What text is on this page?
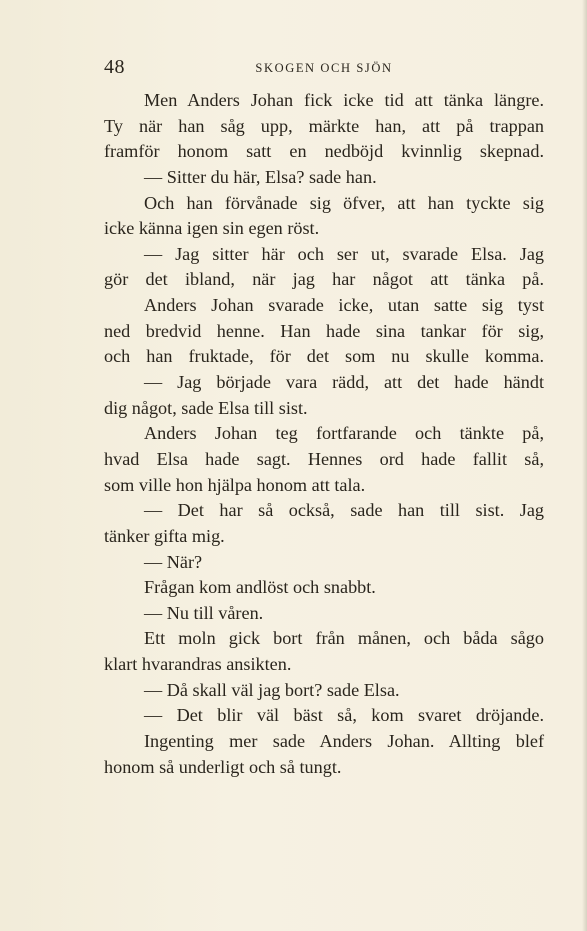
48	SKOGEN OCH SJÖN
Men Anders Johan fick icke tid att tänka längre.
Ty när han såg upp, märkte han, att på trappan
framför honom satt en nedböjd kvinnlig skepnad.
— Sitter du här, Elsa? sade han.
Och han förvånade sig öfver, att han tyckte sig
icke känna igen sin egen röst.
— Jag sitter här och ser ut, svarade Elsa. Jag
gör det ibland, när jag har något att tänka på.
Anders Johan svarade icke, utan satte sig tyst
ned bredvid henne. Han hade sina tankar för sig,
och han fruktade, för det som nu skulle komma.
— Jag började vara rädd, att det hade händt
dig något, sade Elsa till sist.
Anders Johan teg fortfarande och tänkte på,
hvad Elsa hade sagt. Hennes ord hade fallit så,
som ville hon hjälpa honom att tala.
— Det har så också, sade han till sist. Jag
tänker gifta mig.
— När?
Frågan kom andlöst och snabbt.
— Nu till våren.
Ett moln gick bort från månen, och båda sågo
klart hvarandras ansikten.
— Då skall väl jag bort? sade Elsa.
— Det blir väl bäst så, kom svaret dröjande.
Ingenting mer sade Anders Johan. Allting blef
honom så underligt och så tungt.
